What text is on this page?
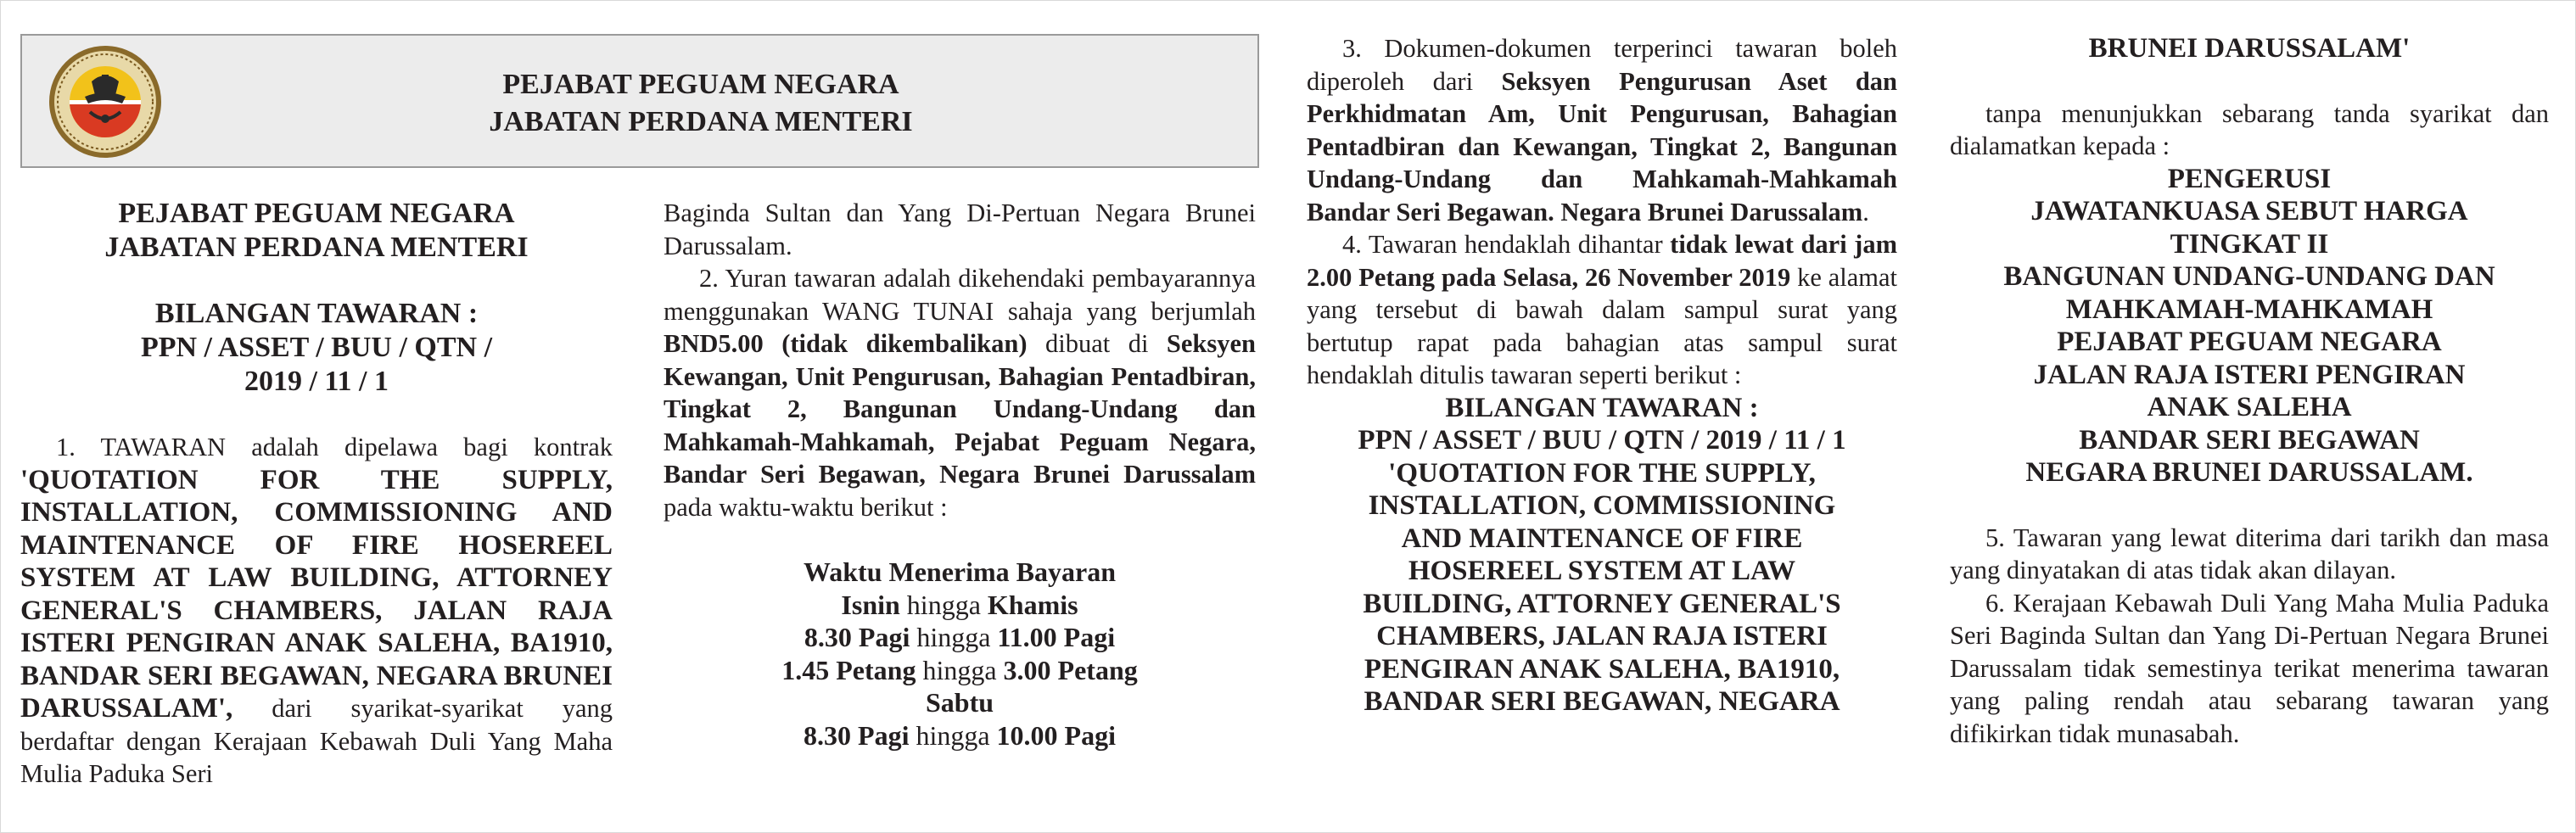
PEJABAT PEGUAM NEGARA
JABATAN PERDANA MENTERI
PEJABAT PEGUAM NEGARA
JABATAN PERDANA MENTERI
BILANGAN TAWARAN :
PPN / ASSET / BUU / QTN /
2019 / 11 / 1

1. TAWARAN adalah dipelawa bagi kontrak 'QUOTATION FOR THE SUPPLY, INSTALLATION, COMMISSIONING AND MAINTENANCE OF FIRE HOSEREEL SYSTEM AT LAW BUILDING, ATTORNEY GENERAL'S CHAMBERS, JALAN RAJA ISTERI PENGIRAN ANAK SALEHA, BA1910, BANDAR SERI BEGAWAN, NEGARA BRUNEI DARUSSALAM', dari syarikat-syarikat yang berdaftar dengan Kerajaan Kebawah Duli Yang Maha Mulia Paduka Seri

Baginda Sultan dan Yang Di-Pertuan Negara Brunei Darussalam.

2. Yuran tawaran adalah dikehendaki pembayarannya menggunakan WANG TUNAI sahaja yang berjumlah BND5.00 (tidak dikembalikan) dibuat di Seksyen Kewangan, Unit Pengurusan, Bahagian Pentadbiran, Tingkat 2, Bangunan Undang-Undang dan Mahkamah-Mahkamah, Pejabat Peguam Negara, Bandar Seri Begawan, Negara Brunei Darussalam pada waktu-waktu berikut :

Waktu Menerima Bayaran
Isnin hingga Khamis
8.30 Pagi hingga 11.00 Pagi
1.45 Petang hingga 3.00 Petang
Sabtu
8.30 Pagi hingga 10.00 Pagi

3. Dokumen-dokumen terperinci tawaran boleh diperoleh dari Seksyen Pengurusan Aset dan Perkhidmatan Am, Unit Pengurusan, Bahagian Pentadbiran dan Kewangan, Tingkat 2, Bangunan Undang-Undang dan Mahkamah-Mahkamah Bandar Seri Begawan. Negara Brunei Darussalam.

4. Tawaran hendaklah dihantar tidak lewat dari jam 2.00 Petang pada Selasa, 26 November 2019 ke alamat yang tersebut di bawah dalam sampul surat yang bertutup rapat pada bahagian atas sampul surat hendaklah ditulis tawaran seperti berikut :

BILANGAN TAWARAN :
PPN / ASSET / BUU / QTN / 2019 / 11 / 1
'QUOTATION FOR THE SUPPLY,
INSTALLATION, COMMISSIONING
AND MAINTENANCE OF FIRE
HOSEREEL SYSTEM AT LAW
BUILDING, ATTORNEY GENERAL'S
CHAMBERS, JALAN RAJA ISTERI
PENGIRAN ANAK SALEHA, BA1910,
BANDAR SERI BEGAWAN, NEGARA
BRUNEI DARUSSALAM'

tanpa menunjukkan sebarang tanda syarikat dan dialamatkan kepada :

PENGERUSI
JAWATANKUASA SEBUT HARGA
TINGKAT II
BANGUNAN UNDANG-UNDANG DAN
MAHKAMAH-MAHKAMAH
PEJABAT PEGUAM NEGARA
JALAN RAJA ISTERI PENGIRAN
ANAK SALEHA
BANDAR SERI BEGAWAN
NEGARA BRUNEI DARUSSALAM.

5. Tawaran yang lewat diterima dari tarikh dan masa yang dinyatakan di atas tidak akan dilayan.

6. Kerajaan Kebawah Duli Yang Maha Mulia Paduka Seri Baginda Sultan dan Yang Di-Pertuan Negara Brunei Darussalam tidak semestinya terikat menerima tawaran yang paling rendah atau sebarang tawaran yang difikirkan tidak munasabah.
